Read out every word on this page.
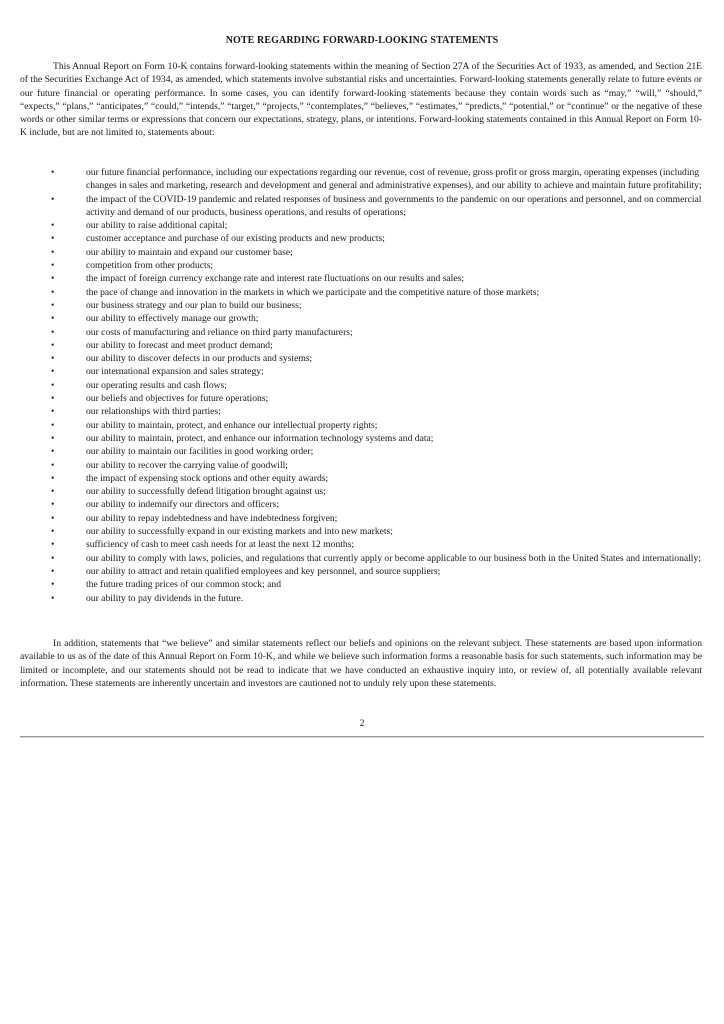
NOTE REGARDING FORWARD-LOOKING STATEMENTS

This Annual Report on Form 10-K contains forward-looking statements within the meaning of Section 27A of the Securities Act of 1933, as amended, and Section 21E of the Securities Exchange Act of 1934, as amended, which statements involve substantial risks and uncertainties. Forward-looking statements generally relate to future events or our future financial or operating performance. In some cases, you can identify forward-looking statements because they contain words such as “may,” “will,” “should,” “expects,” “plans,” “anticipates,” “could,” “intends,” “target,” “projects,” “contemplates,” “believes,” “estimates,” “predicts,” “potential,” or “continue” or the negative of these words or other similar terms or expressions that concern our expectations, strategy, plans, or intentions. Forward-looking statements contained in this Annual Report on Form 10-K include, but are not limited to, statements about:

•	our future financial performance, including our expectations regarding our revenue, cost of revenue, gross profit or gross margin, operating expenses (including changes in sales and marketing, research and development and general and administrative expenses), and our ability to achieve and maintain future profitability;
•	the impact of the COVID-19 pandemic and related responses of business and governments to the pandemic on our operations and personnel, and on commercial activity and demand of our products, business operations, and results of operations;
•	our ability to raise additional capital;
•	customer acceptance and purchase of our existing products and new products;
•	our ability to maintain and expand our customer base;
•	competition from other products;
•	the impact of foreign currency exchange rate and interest rate fluctuations on our results and sales;
•	the pace of change and innovation in the markets in which we participate and the competitive nature of those markets;
•	our business strategy and our plan to build our business;
•	our ability to effectively manage our growth;
•	our costs of manufacturing and reliance on third party manufacturers;
•	our ability to forecast and meet product demand;
•	our ability to discover defects in our products and systems;
•	our international expansion and sales strategy;
•	our operating results and cash flows;
•	our beliefs and objectives for future operations;
•	our relationships with third parties;
•	our ability to maintain, protect, and enhance our intellectual property rights;
•	our ability to maintain, protect, and enhance our information technology systems and data;
•	our ability to maintain our facilities in good working order;
•	our ability to recover the carrying value of goodwill;
•	the impact of expensing stock options and other equity awards;
•	our ability to successfully defend litigation brought against us;
•	our ability to indemnify our directors and officers;
•	our ability to repay indebtedness and have indebtedness forgiven;
•	our ability to successfully expand in our existing markets and into new markets;
•	sufficiency of cash to meet cash needs for at least the next 12 months;
•	our ability to comply with laws, policies, and regulations that currently apply or become applicable to our business both in the United States and internationally;
•	our ability to attract and retain qualified employees and key personnel, and source suppliers;
•	the future trading prices of our common stock; and
•	our ability to pay dividends in the future.

In addition, statements that “we believe” and similar statements reflect our beliefs and opinions on the relevant subject. These statements are based upon information available to us as of the date of this Annual Report on Form 10-K, and while we believe such information forms a reasonable basis for such statements, such information may be limited or incomplete, and our statements should not be read to indicate that we have conducted an exhaustive inquiry into, or review of, all potentially available relevant information. These statements are inherently uncertain and investors are cautioned not to unduly rely upon these statements.

2
